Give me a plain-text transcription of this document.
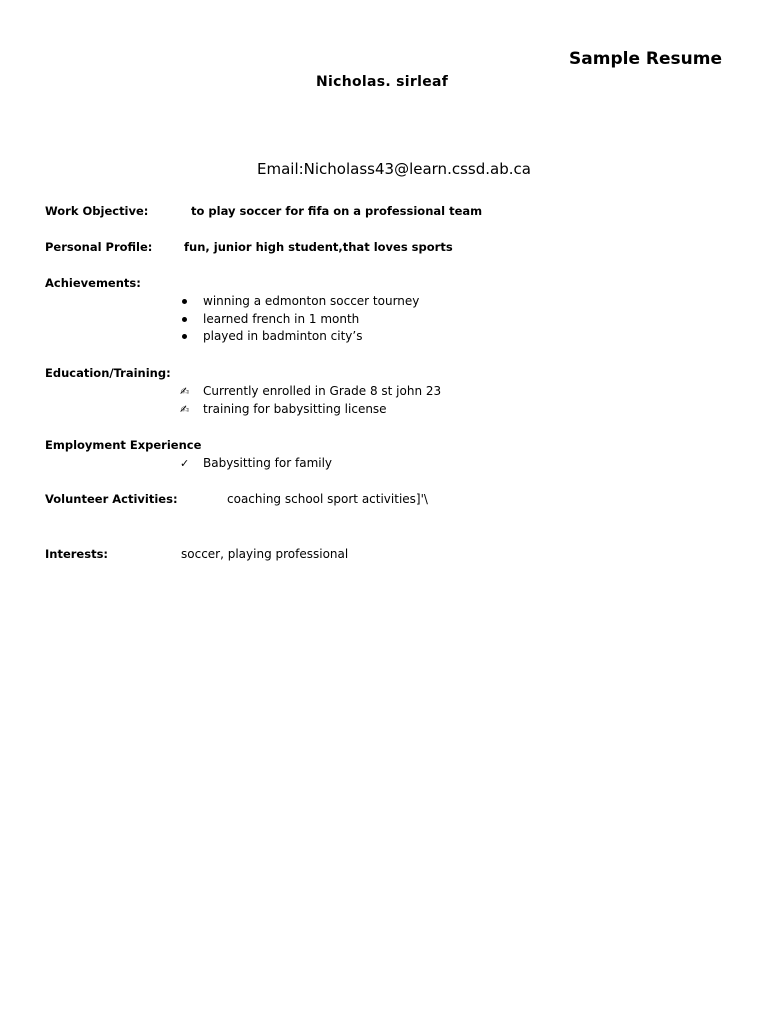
Sample Resume
Nicholas. sirleaf
Email:Nicholass43@learn.cssd.ab.ca
Work Objective:	to play soccer for fifa on a professional team
Personal Profile:	fun, junior high student,that loves sports
Achievements:
winning a edmonton soccer tourney
learned french in 1 month
played in badminton city’s
Education/Training:
✍	Currently enrolled in Grade 8 st john 23
✍	training for babysitting license
Employment Experience
✓	Babysitting for family
Volunteer Activities:	coaching school sport activities]'\
Interests:	soccer, playing professional
